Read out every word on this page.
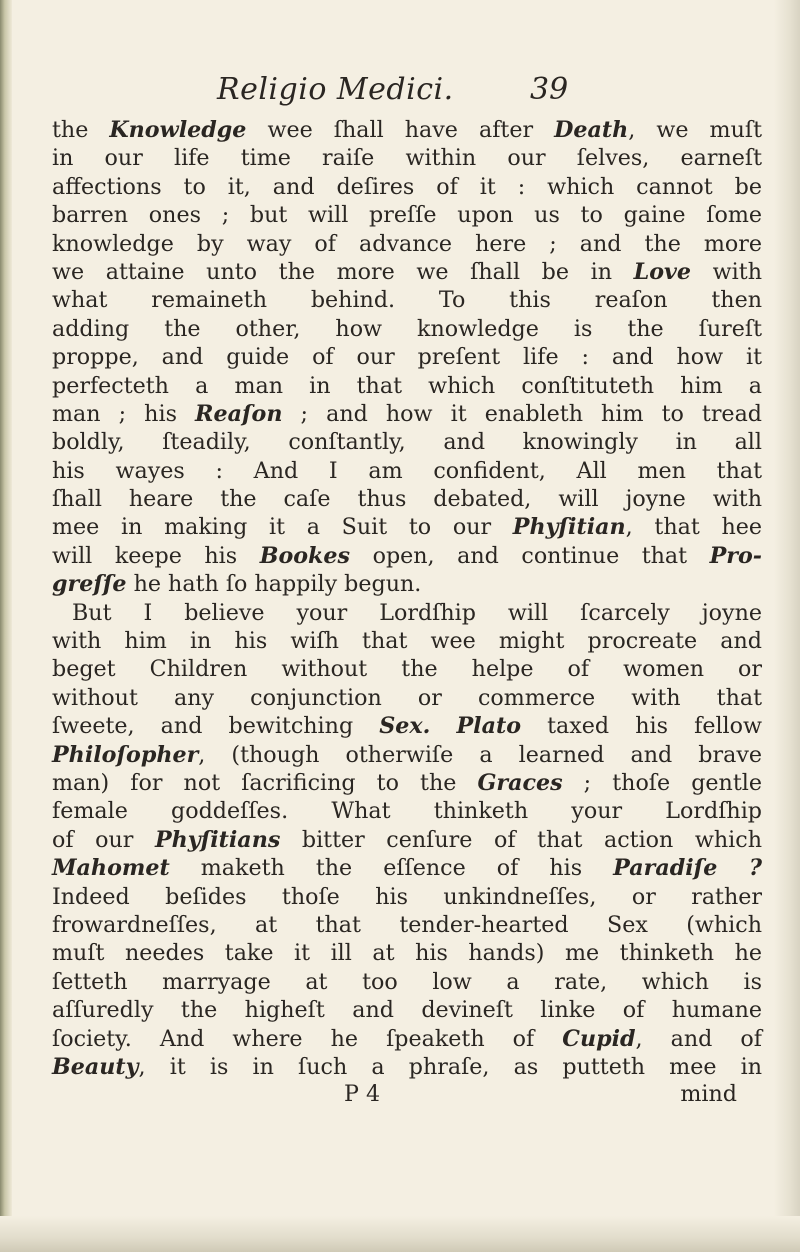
Religio Medici.	39
the Knowledge wee ſhall have after Death, we muſt
in our life time raiſe within our ſelves, earneſt
affections to it, and deſires of it : which cannot be
barren ones ; but will preſſe upon us to gaine ſome
knowledge by way of advance here ; and the more
we attaine unto the more we ſhall be in Love with
what remaineth behind. To this reaſon then
adding the other, how knowledge is the ſureſt
proppe, and guide of our preſent life : and how it
perfecteth a man in that which conſtituteth him a
man ; his Reaſon ; and how it enableth him to tread
boldly, ſteadily, conſtantly, and knowingly in all
his wayes : And I am confident, All men that
ſhall heare the caſe thus debated, will joyne with
mee in making it a Suit to our Phyſitian, that hee
will keepe his Bookes open, and continue that Pro-
greſſe he hath ſo happily begun.
But I believe your Lordſhip will ſcarcely joyne
with him in his wiſh that wee might procreate and
beget Children without the helpe of women or
without any conjunction or commerce with that
ſweete, and bewitching Sex. Plato taxed his fellow
Philoſopher, (though otherwiſe a learned and brave
man) for not ſacrificing to the Graces ; thoſe gentle
female goddeſſes. What thinketh your Lordſhip
of our Phyſitians bitter cenſure of that action which
Mahomet maketh the eſſence of his Paradiſe ?
Indeed beſides thoſe his unkindneſſes, or rather
frowardneſſes, at that tender-hearted Sex (which
muſt needes take it ill at his hands) me thinketh he
ſetteth marryage at too low a rate, which is
aſſuredly the higheſt and devineſt linke of humane
ſociety. And where he ſpeaketh of Cupid, and of
Beauty, it is in ſuch a phraſe, as putteth mee in
P 4	mind
